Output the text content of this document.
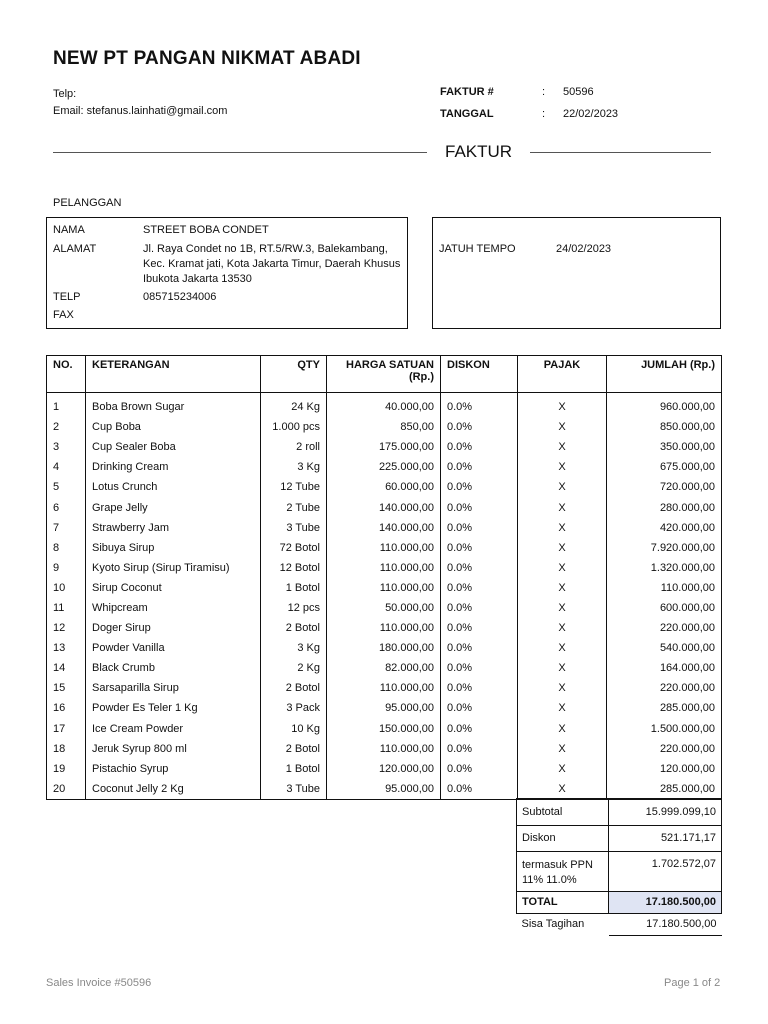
NEW PT PANGAN NIKMAT ABADI
Telp:
Email: stefanus.lainhati@gmail.com
FAKTUR #	: 50596
TANGGAL	: 22/02/2023
FAKTUR
PELANGGAN
NAMA	STREET BOBA CONDET
ALAMAT	Jl. Raya Condet no 1B, RT.5/RW.3, Balekambang, Kec. Kramat jati, Kota Jakarta Timur, Daerah Khusus Ibukota Jakarta 13530
TELP	085715234006
FAX
JATUH TEMPO	24/02/2023
NO.	KETERANGAN	QTY	HARGA SATUAN (Rp.)	DISKON	PAJAK	JUMLAH (Rp.)
1	Boba Brown Sugar	24 Kg	40.000,00	0.0%	X	960.000,00
2	Cup Boba	1.000 pcs	850,00	0.0%	X	850.000,00
3	Cup Sealer Boba	2 roll	175.000,00	0.0%	X	350.000,00
4	Drinking Cream	3 Kg	225.000,00	0.0%	X	675.000,00
5	Lotus Crunch	12 Tube	60.000,00	0.0%	X	720.000,00
6	Grape Jelly	2 Tube	140.000,00	0.0%	X	280.000,00
7	Strawberry Jam	3 Tube	140.000,00	0.0%	X	420.000,00
8	Sibuya Sirup	72 Botol	110.000,00	0.0%	X	7.920.000,00
9	Kyoto Sirup (Sirup Tiramisu)	12 Botol	110.000,00	0.0%	X	1.320.000,00
10	Sirup Coconut	1 Botol	110.000,00	0.0%	X	110.000,00
11	Whipcream	12 pcs	50.000,00	0.0%	X	600.000,00
12	Doger Sirup	2 Botol	110.000,00	0.0%	X	220.000,00
13	Powder Vanilla	3 Kg	180.000,00	0.0%	X	540.000,00
14	Black Crumb	2 Kg	82.000,00	0.0%	X	164.000,00
15	Sarsaparilla Sirup	2 Botol	110.000,00	0.0%	X	220.000,00
16	Powder Es Teler 1 Kg	3 Pack	95.000,00	0.0%	X	285.000,00
17	Ice Cream Powder	10 Kg	150.000,00	0.0%	X	1.500.000,00
18	Jeruk Syrup 800 ml	2 Botol	110.000,00	0.0%	X	220.000,00
19	Pistachio Syrup	1 Botol	120.000,00	0.0%	X	120.000,00
20	Coconut Jelly 2 Kg	3 Tube	95.000,00	0.0%	X	285.000,00
Subtotal	15.999.099,10
Diskon	521.171,17
termasuk PPN 11% 11.0%	1.702.572,07
TOTAL	17.180.500,00
Sisa Tagihan	17.180.500,00
Sales Invoice #50596	Page 1 of 2
